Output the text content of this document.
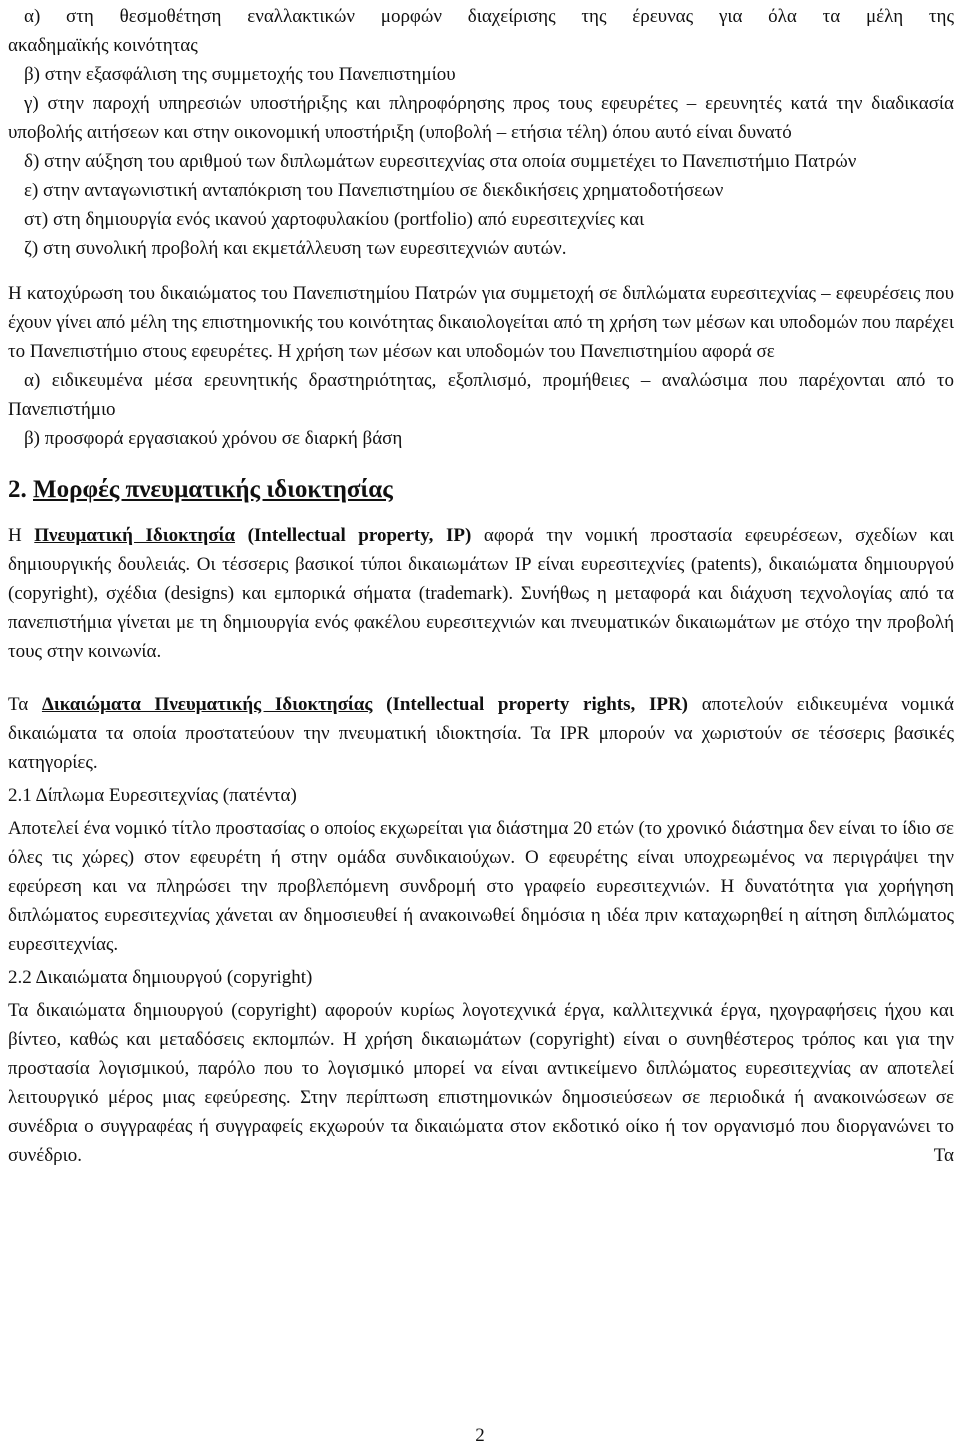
α) στη θεσμοθέτηση εναλλακτικών μορφών διαχείρισης της έρευνας για όλα τα μέλη της

ακαδημαϊκής κοινότητας

β) στην εξασφάλιση της συμμετοχής του Πανεπιστημίου

γ) στην παροχή υπηρεσιών υποστήριξης και πληροφόρησης προς τους εφευρέτες – ερευνητές κατά την διαδικασία υποβολής αιτήσεων και στην οικονομική υποστήριξη (υποβολή – ετήσια τέλη) όπου αυτό είναι δυνατό

δ) στην αύξηση του αριθμού των διπλωμάτων ευρεσιτεχνίας στα οποία συμμετέχει το Πανεπιστήμιο Πατρών

ε) στην ανταγωνιστική ανταπόκριση του Πανεπιστημίου σε διεκδικήσεις χρηματοδοτήσεων

στ) στη δημιουργία ενός ικανού χαρτοφυλακίου (portfolio) από ευρεσιτεχνίες και

ζ) στη συνολική προβολή και εκμετάλλευση των ευρεσιτεχνιών αυτών.

Η κατοχύρωση του δικαιώματος του Πανεπιστημίου Πατρών για συμμετοχή σε διπλώματα ευρεσιτεχνίας – εφευρέσεις που έχουν γίνει από μέλη της επιστημονικής του κοινότητας δικαιολογείται από τη χρήση των μέσων και υποδομών που παρέχει το Πανεπιστήμιο στους εφευρέτες. Η χρήση των μέσων και υποδομών του Πανεπιστημίου αφορά σε

α) ειδικευμένα μέσα ερευνητικής δραστηριότητας, εξοπλισμό, προμήθειες – αναλώσιμα που παρέχονται από το Πανεπιστήμιο

β) προσφορά εργασιακού χρόνου σε διαρκή βάση

2. Μορφές πνευματικής ιδιοκτησίας

Η Πνευματική Ιδιοκτησία (Intellectual property, IP) αφορά την νομική προστασία εφευρέσεων, σχεδίων και δημιουργικής δουλειάς. Οι τέσσερις βασικοί τύποι δικαιωμάτων IP είναι ευρεσιτεχνίες (patents), δικαιώματα δημιουργού (copyright), σχέδια (designs) και εμπορικά σήματα (trademark). Συνήθως η μεταφορά και διάχυση τεχνολογίας από τα πανεπιστήμια γίνεται με τη δημιουργία ενός φακέλου ευρεσιτεχνιών και πνευματικών δικαιωμάτων με στόχο την προβολή τους στην κοινωνία.

Τα Δικαιώματα Πνευματικής Ιδιοκτησίας (Intellectual property rights, IPR) αποτελούν ειδικευμένα νομικά δικαιώματα τα οποία προστατεύουν την πνευματική ιδιοκτησία. Τα IPR μπορούν να χωριστούν σε τέσσερις βασικές κατηγορίες.

2.1 Δίπλωμα Ευρεσιτεχνίας (πατέντα)

Αποτελεί ένα νομικό τίτλο προστασίας ο οποίος εκχωρείται για διάστημα 20 ετών (το χρονικό διάστημα δεν είναι το ίδιο σε όλες τις χώρες) στον εφευρέτη ή στην ομάδα συνδικαιούχων. Ο εφευρέτης είναι υποχρεωμένος να περιγράψει την εφεύρεση και να πληρώσει την προβλεπόμενη συνδρομή στο γραφείο ευρεσιτεχνιών. Η δυνατότητα για χορήγηση διπλώματος ευρεσιτεχνίας χάνεται αν δημοσιευθεί ή ανακοινωθεί δημόσια η ιδέα πριν καταχωρηθεί η αίτηση διπλώματος ευρεσιτεχνίας.

2.2 Δικαιώματα δημιουργού (copyright)

Τα δικαιώματα δημιουργού (copyright) αφορούν κυρίως λογοτεχνικά έργα, καλλιτεχνικά έργα, ηχογραφήσεις ήχου και βίντεο, καθώς και μεταδόσεις εκπομπών. Η χρήση δικαιωμάτων (copyright) είναι ο συνηθέστερος τρόπος και για την προστασία λογισμικού, παρόλο που το λογισμικό μπορεί να είναι αντικείμενο διπλώματος ευρεσιτεχνίας αν αποτελεί λειτουργικό μέρος μιας εφεύρεσης. Στην περίπτωση επιστημονικών δημοσιεύσεων σε περιοδικά ή ανακοινώσεων σε συνέδρια ο συγγραφέας ή συγγραφείς εκχωρούν τα δικαιώματα στον εκδοτικό οίκο ή τον οργανισμό που διοργανώνει το συνέδριο. Τα

2
